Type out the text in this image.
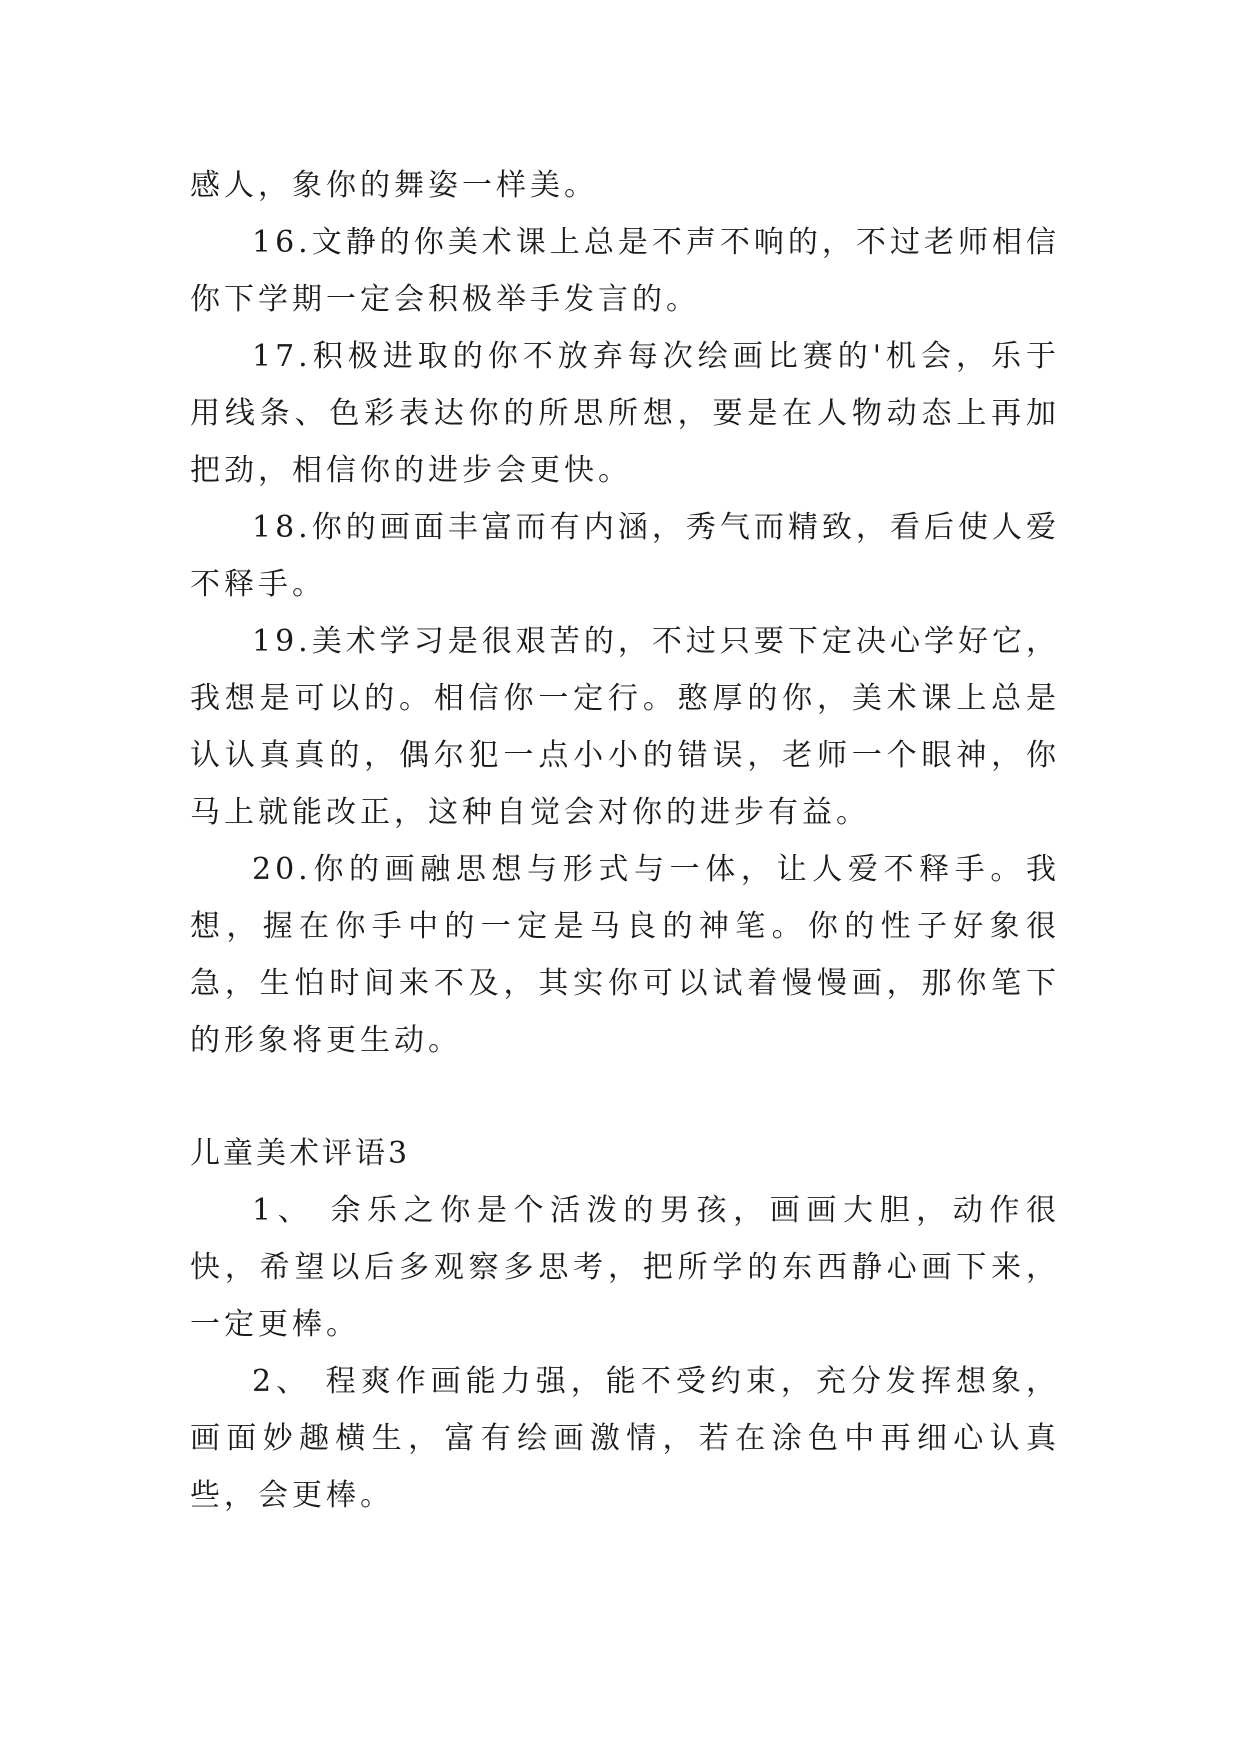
感人，象你的舞姿一样美。

16.文静的你美术课上总是不声不响的，不过老师相信你下学期一定会积极举手发言的。

17.积极进取的你不放弃每次绘画比赛的'机会，乐于用线条、色彩表达你的所思所想，要是在人物动态上再加把劲，相信你的进步会更快。

18.你的画面丰富而有内涵，秀气而精致，看后使人爱不释手。

19.美术学习是很艰苦的，不过只要下定决心学好它，我想是可以的。相信你一定行。憨厚的你，美术课上总是认认真真的，偶尔犯一点小小的错误，老师一个眼神，你马上就能改正，这种自觉会对你的进步有益。

20.你的画融思想与形式与一体，让人爱不释手。我想，握在你手中的一定是马良的神笔。你的性子好象很急，生怕时间来不及，其实你可以试着慢慢画，那你笔下的形象将更生动。

儿童美术评语3

1、 余乐之你是个活泼的男孩，画画大胆，动作很快，希望以后多观察多思考，把所学的东西静心画下来，一定更棒。

2、 程爽作画能力强，能不受约束，充分发挥想象，画面妙趣横生，富有绘画激情，若在涂色中再细心认真些，会更棒。
